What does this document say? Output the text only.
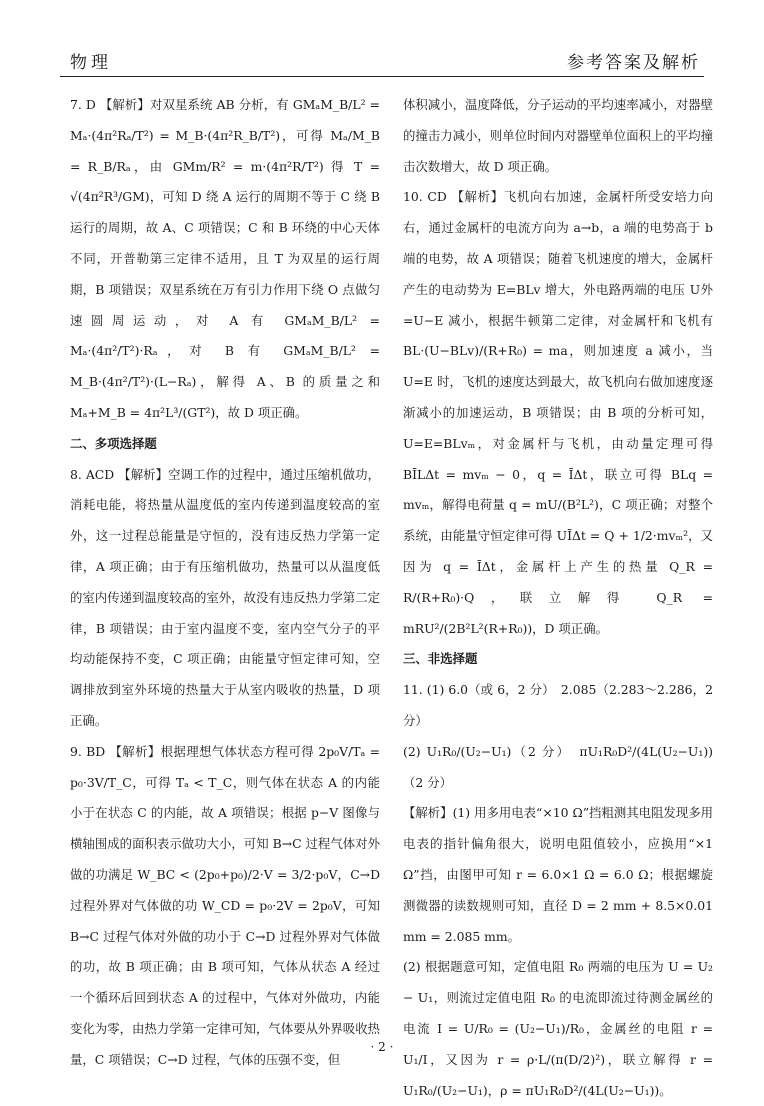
物理	参考答案及解析

7. D 【解析】对双星系统 AB 分析，有 GMₐM_B/L² = Mₐ·(4π²Rₐ/T²) = M_B·(4π²R_B/T²)，可得 Mₐ/M_B = R_B/Rₐ，由 GMm/R² = m·(4π²R/T²) 得 T = √(4π²R³/GM)，可知 D 绕 A 运行的周期不等于 C 绕 B 运行的周期，故 A、C 项错误；C 和 B 环绕的中心天体不同，开普勒第三定律不适用，且 T 为双星的运行周期，B 项错误；双星系统在万有引力作用下绕 O 点做匀速圆周运动，对 A 有 GMₐM_B/L² = Mₐ·(4π²/T²)·Rₐ，对 B 有 GMₐM_B/L² = M_B·(4π²/T²)·(L−Rₐ)，解得 A、B 的质量之和 Mₐ+M_B = 4π²L³/(GT²)，故 D 项正确。

二、多项选择题

8. ACD 【解析】空调工作的过程中，通过压缩机做功，消耗电能，将热量从温度低的室内传递到温度较高的室外，这一过程总能量是守恒的，没有违反热力学第一定律，A 项正确；由于有压缩机做功，热量可以从温度低的室内传递到温度较高的室外，故没有违反热力学第二定律，B 项错误；由于室内温度不变，室内空气分子的平均动能保持不变，C 项正确；由能量守恒定律可知，空调排放到室外环境的热量大于从室内吸收的热量，D 项正确。

9. BD 【解析】根据理想气体状态方程可得 2p₀V/Tₐ = p₀·3V/T_C，可得 Tₐ < T_C，则气体在状态 A 的内能小于在状态 C 的内能，故 A 项错误；根据 p−V 图像与横轴围成的面积表示做功大小，可知 B→C 过程气体对外做的功满足 W_BC < (2p₀+p₀)/2·V = 3/2·p₀V，C→D 过程外界对气体做的功 W_CD = p₀·2V = 2p₀V，可知 B→C 过程气体对外做的功小于 C→D 过程外界对气体做的功，故 B 项正确；由 B 项可知，气体从状态 A 经过一个循环后回到状态 A 的过程中，气体对外做功，内能变化为零，由热力学第一定律可知，气体要从外界吸收热量，C 项错误；C→D 过程，气体的压强不变，但

体积减小，温度降低，分子运动的平均速率减小，对器壁的撞击力减小，则单位时间内对器壁单位面积上的平均撞击次数增大，故 D 项正确。

10. CD 【解析】飞机向右加速，金属杆所受安培力向右，通过金属杆的电流方向为 a→b，a 端的电势高于 b 端的电势，故 A 项错误；随着飞机速度的增大，金属杆产生的电动势为 E=BLv 增大，外电路两端的电压 U外=U−E 减小，根据牛顿第二定律，对金属杆和飞机有 BL·(U−BLv)/(R+R₀) = ma，则加速度 a 减小，当 U=E 时，飞机的速度达到最大，故飞机向右做加速度逐渐减小的加速运动，B 项错误；由 B 项的分析可知，U=E=BLvₘ，对金属杆与飞机，由动量定理可得 BĪLΔt = mvₘ − 0，q = ĪΔt，联立可得 BLq = mvₘ，解得电荷量 q = mU/(B²L²)，C 项正确；对整个系统，由能量守恒定律可得 UĪΔt = Q + 1/2·mvₘ²，又因为 q = ĪΔt，金属杆上产生的热量 Q_R = R/(R+R₀)·Q，联立解得 Q_R = mRU²/(2B²L²(R+R₀))，D 项正确。

三、非选择题

11. (1) 6.0（或 6，2 分）　2.085（2.283～2.286，2 分）

(2) U₁R₀/(U₂−U₁)（2 分）　πU₁R₀D²/(4L(U₂−U₁))（2 分）

【解析】(1) 用多用电表“×10 Ω”挡粗测其电阻发现多用电表的指针偏角很大，说明电阻值较小，应换用“×1 Ω”挡，由图甲可知 r = 6.0×1 Ω = 6.0 Ω；根据螺旋测微器的读数规则可知，直径 D = 2 mm + 8.5×0.01 mm = 2.085 mm。

(2) 根据题意可知，定值电阻 R₀ 两端的电压为 U = U₂ − U₁，则流过定值电阻 R₀ 的电流即流过待测金属丝的电流 I = U/R₀ = (U₂−U₁)/R₀，金属丝的电阻 r = U₁/I，又因为 r = ρ·L/(π(D/2)²)，联立解得 r = U₁R₀/(U₂−U₁)，ρ = πU₁R₀D²/(4L(U₂−U₁))。

· 2 ·
